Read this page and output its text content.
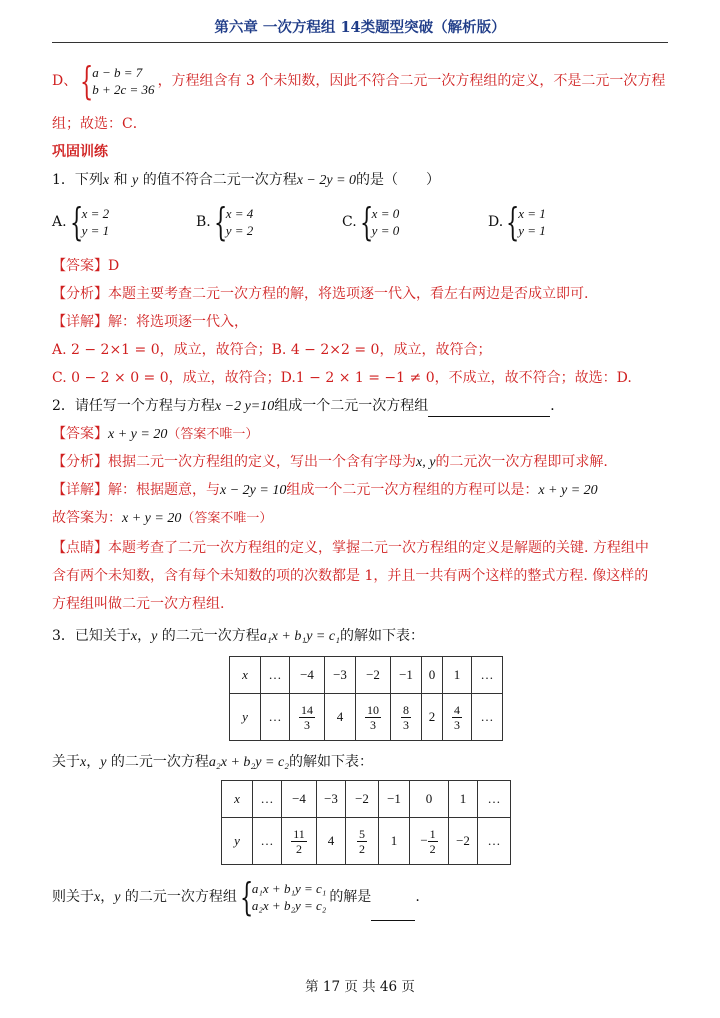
第六章 一次方程组 14类题型突破（解析版）
D、 {
a − b = 7
b + 2c = 36
，方程组含有 3 个未知数，因此不符合二元一次方程组的定义，不是二元一次方程
组；故选：C．
巩固训练
1．下列x 和 y 的值不符合二元一次方程x − 2y = 0的是（　　）
A. {
x = 2
y = 1
B. {
x = 4
y = 2
C. {
x = 0
y = 0
D. {
x = 1
y = 1
【答案】D
【分析】本题主要考查二元一次方程的解，将选项逐一代入，看左右两边是否成立即可.
【详解】解：将选项逐一代入，
A. 2 − 2×1 = 0，成立，故符合；B. 4 − 2×2 = 0，成立，故符合；
C. 0 − 2 × 0 = 0，成立，故符合；D.1 − 2 × 1 = −1 ≠ 0，不成立，故不符合；故选：D.
2．请任写一个方程与方程x −2 y=10组成一个二元一次方程组	．
【答案】x + y = 20（答案不唯一）
【分析】根据二元一次方程组的定义，写出一个含有字母为x, y的二元次一次方程即可求解.
【详解】解：根据题意，与x − 2y = 10组成一个二元一次方程组的方程可以是：x + y = 20
故答案为：x + y = 20（答案不唯一）
【点睛】本题考查了二元一次方程组的定义，掌握二元一次方程组的定义是解题的关键. 方程组中
含有两个未知数，含有每个未知数的项的次数都是 1，并且一共有两个这样的整式方程. 像这样的
方程组叫做二元一次方程组.
3．已知关于x，y 的二元一次方程a₁x + b₁y = c₁的解如下表：
x	…	−4	−3	−2	−1	0	1	…
y	…	$\frac{14}{3}$	4	$\frac{10}{3}$	$\frac{8}{3}$	2	$\frac{4}{3}$	…
关于x，y 的二元一次方程a₂x + b₂y = c₂的解如下表：
x	…	−4	−3	−2	−1	0	1	…
y	…	$\frac{11}{2}$	4	$\frac{5}{2}$	1	− $\frac{1}{2}$	−2	…
则关于x，y 的二元一次方程组 {
a₁x + b₁y = c₁
a₂x + b₂y = c₂
的解是	.
第 17 页 共 46 页
